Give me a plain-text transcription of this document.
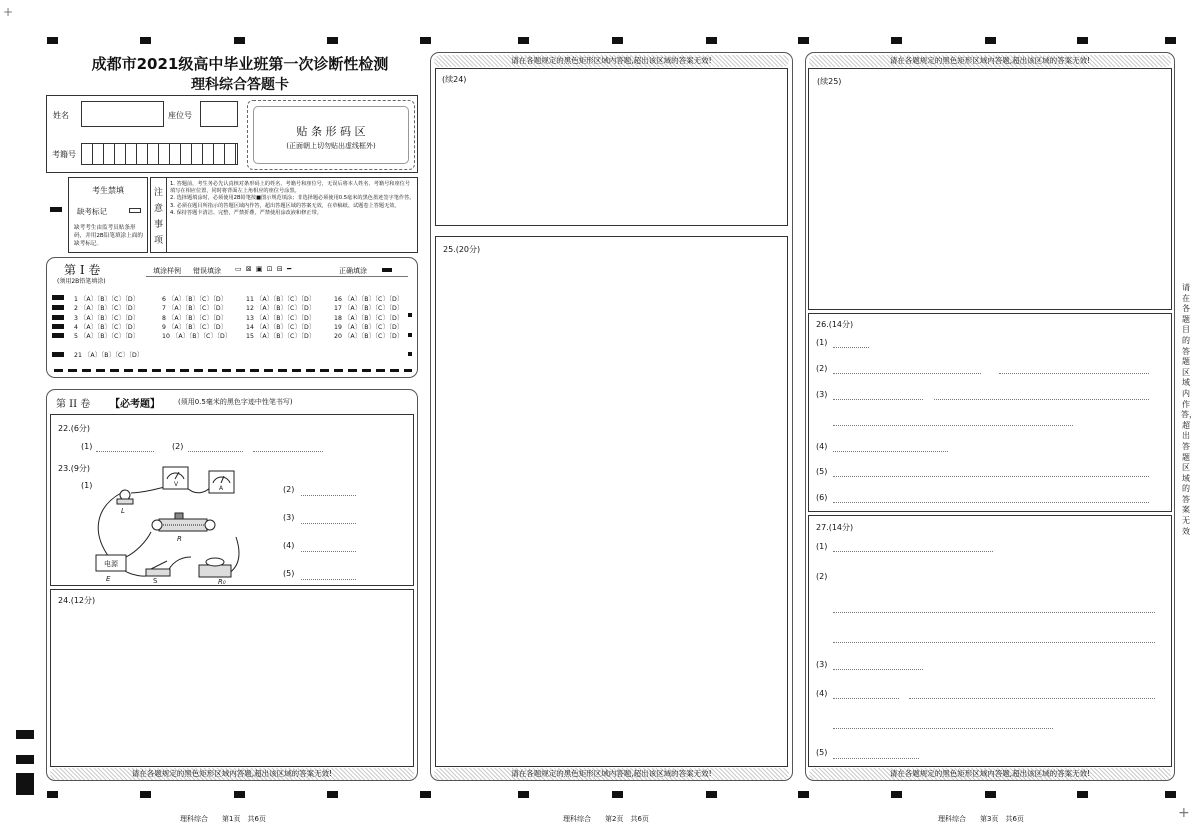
+
+
成都市2021级高中毕业班第一次诊断性检测
理科综合答题卡
姓名	座位号
考籍号
贴 条 形 码 区
(正面朝上切勿贴出虚线框外)
考生禁填
缺考标记
缺考考生由监考员贴条形码，并用2B铅笔填涂上面的缺考标记。
注
意
事
项
1. 答题前，考生务必先认真核对条形码上的姓名、考籍号和座位号，无误后将本人姓名、考籍号和座位号填写在相应位置，同时将背面左上角相应的座位号涂黑。
2. 选择题填涂时，必须使用2B铅笔按■图示规范填涂；非选择题必须使用0.5毫米的黑色墨迹签字笔作答。
3. 必须在题目所指示的答题区域内作答，超出答题区域的答案无效，在草稿纸、试题卷上答题无效。
4. 保持答题卡清洁、完整，严禁折叠，严禁使用涂改液和修正带。
第 I 卷
(须用2B铅笔填涂)
填涂样例 错误填涂 ▭ ⊠ ▣ ⊡ ⊟ ━	正确填涂
1 〔A〕〔B〕〔C〕〔D〕	6 〔A〕〔B〕〔C〕〔D〕	11 〔A〕〔B〕〔C〕〔D〕	16 〔A〕〔B〕〔C〕〔D〕
2 〔A〕〔B〕〔C〕〔D〕	7 〔A〕〔B〕〔C〕〔D〕	12 〔A〕〔B〕〔C〕〔D〕	17 〔A〕〔B〕〔C〕〔D〕
3 〔A〕〔B〕〔C〕〔D〕	8 〔A〕〔B〕〔C〕〔D〕	13 〔A〕〔B〕〔C〕〔D〕	18 〔A〕〔B〕〔C〕〔D〕
4 〔A〕〔B〕〔C〕〔D〕	9 〔A〕〔B〕〔C〕〔D〕	14 〔A〕〔B〕〔C〕〔D〕	19 〔A〕〔B〕〔C〕〔D〕
5 〔A〕〔B〕〔C〕〔D〕	10 〔A〕〔B〕〔C〕〔D〕 15 〔A〕〔B〕〔C〕〔D〕	20 〔A〕〔B〕〔C〕〔D〕
21 〔A〕〔B〕〔C〕〔D〕
第 II 卷 【必考题】	(须用0.5毫米的黑色字迹中性笔书写)
22.(6分)
(1)	(2)
23.(9分)
(1)	(2)
(3)
(4)
(5)
V
A
电源
L
R
E	S	R₀
24.(12分)
请在各题规定的黑色矩形区域内答题,超出该区域的答案无效!
请在各题规定的黑色矩形区域内答题,超出该区域的答案无效!
(续24)
25.(20分)
请在各题规定的黑色矩形区域内答题,超出该区域的答案无效!
请在各题规定的黑色矩形区域内答题,超出该区域的答案无效!
(续25)
26.(14分)
(1)
(2)
(3)
(4)
(5)
(6)
27.(14分)
(1)
(2)
(3)
(4)
(5)
请在各题规定的黑色矩形区域内答题,超出该区域的答案无效!
请在各题目的答题区域内作答，超出答题区域的答案无效
理科综合　　第1页　共6页	理科综合　　第2页　共6页	理科综合　　第3页　共6页
